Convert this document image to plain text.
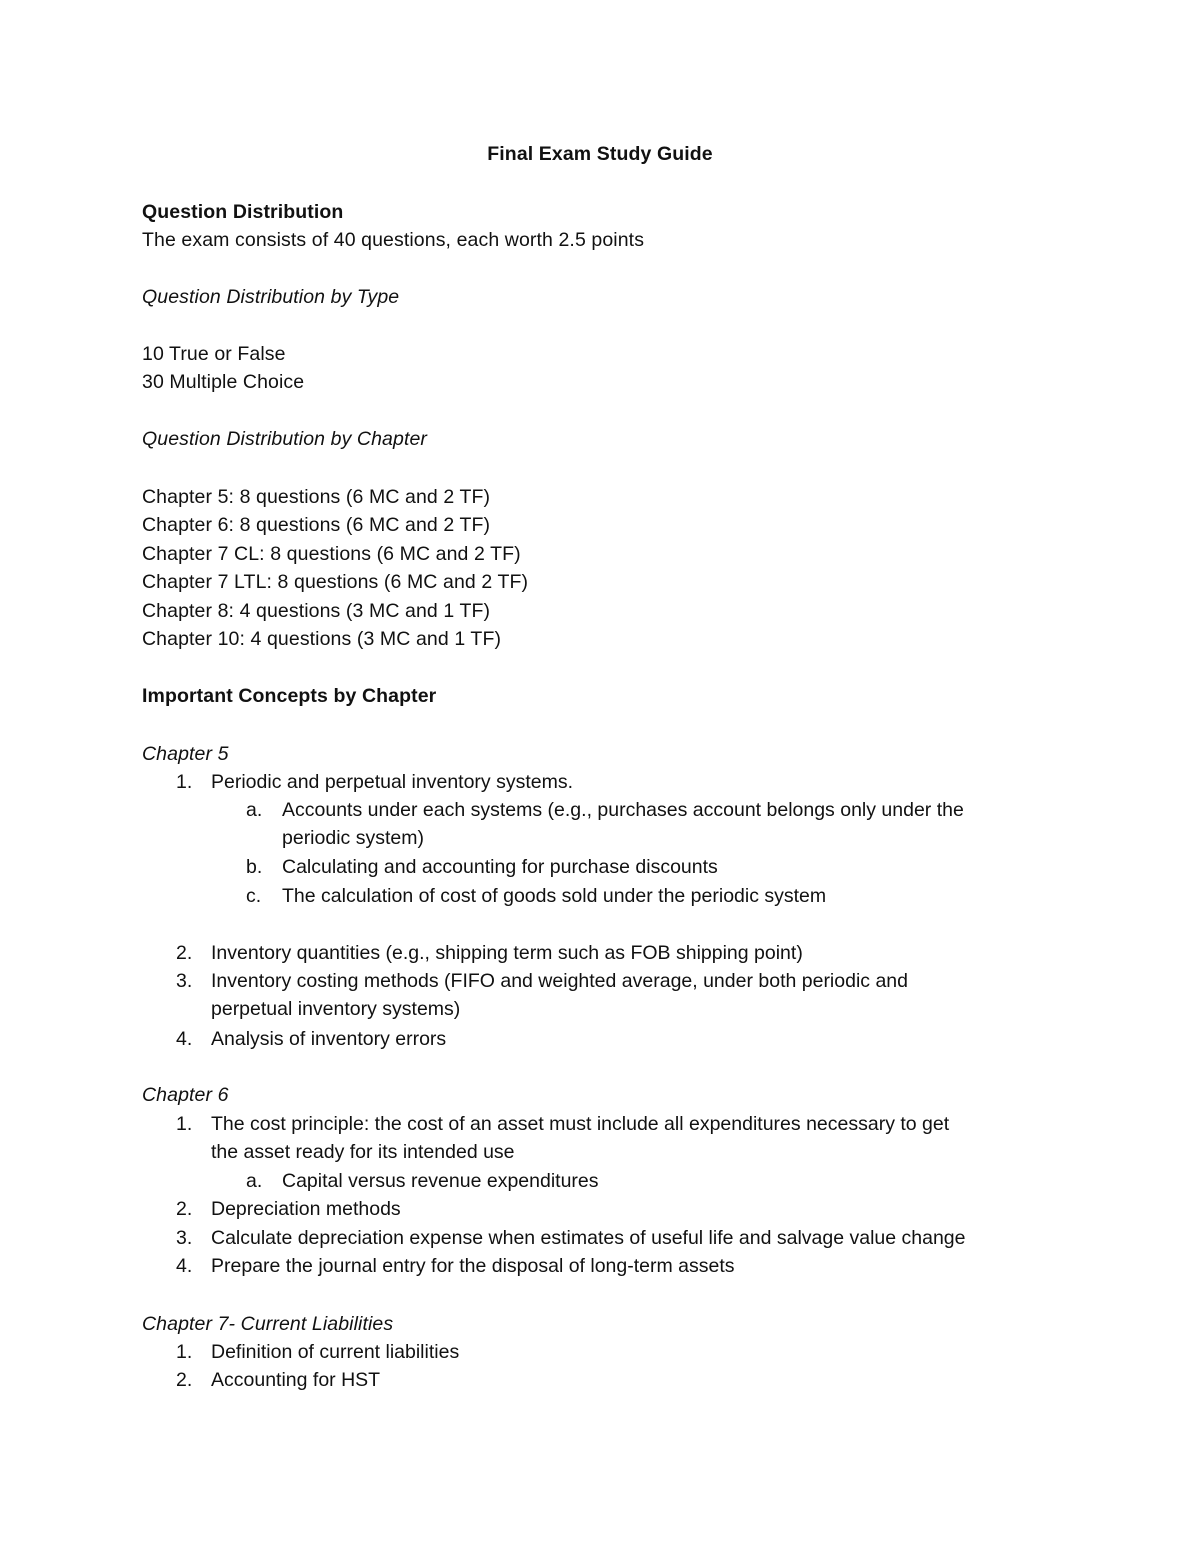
Final Exam Study Guide
Question Distribution
The exam consists of 40 questions, each worth 2.5 points
Question Distribution by Type
10 True or False
30 Multiple Choice
Question Distribution by Chapter
Chapter 5: 8 questions (6 MC and 2 TF)
Chapter 6: 8 questions (6 MC and 2 TF)
Chapter 7 CL: 8 questions (6 MC and 2 TF)
Chapter 7 LTL: 8 questions (6 MC and 2 TF)
Chapter 8: 4 questions (3 MC and 1 TF)
Chapter 10: 4 questions (3 MC and 1 TF)
Important Concepts by Chapter
Chapter 5
1. Periodic and perpetual inventory systems.
a. Accounts under each systems (e.g., purchases account belongs only under the
periodic system)
b. Calculating and accounting for purchase discounts
c. The calculation of cost of goods sold under the periodic system
2. Inventory quantities (e.g., shipping term such as FOB shipping point)
3. Inventory costing methods (FIFO and weighted average, under both periodic and
perpetual inventory systems)
4. Analysis of inventory errors
Chapter 6
1. The cost principle: the cost of an asset must include all expenditures necessary to get
the asset ready for its intended use
a. Capital versus revenue expenditures
2. Depreciation methods
3. Calculate depreciation expense when estimates of useful life and salvage value change
4. Prepare the journal entry for the disposal of long-term assets
Chapter 7- Current Liabilities
1. Definition of current liabilities
2. Accounting for HST
